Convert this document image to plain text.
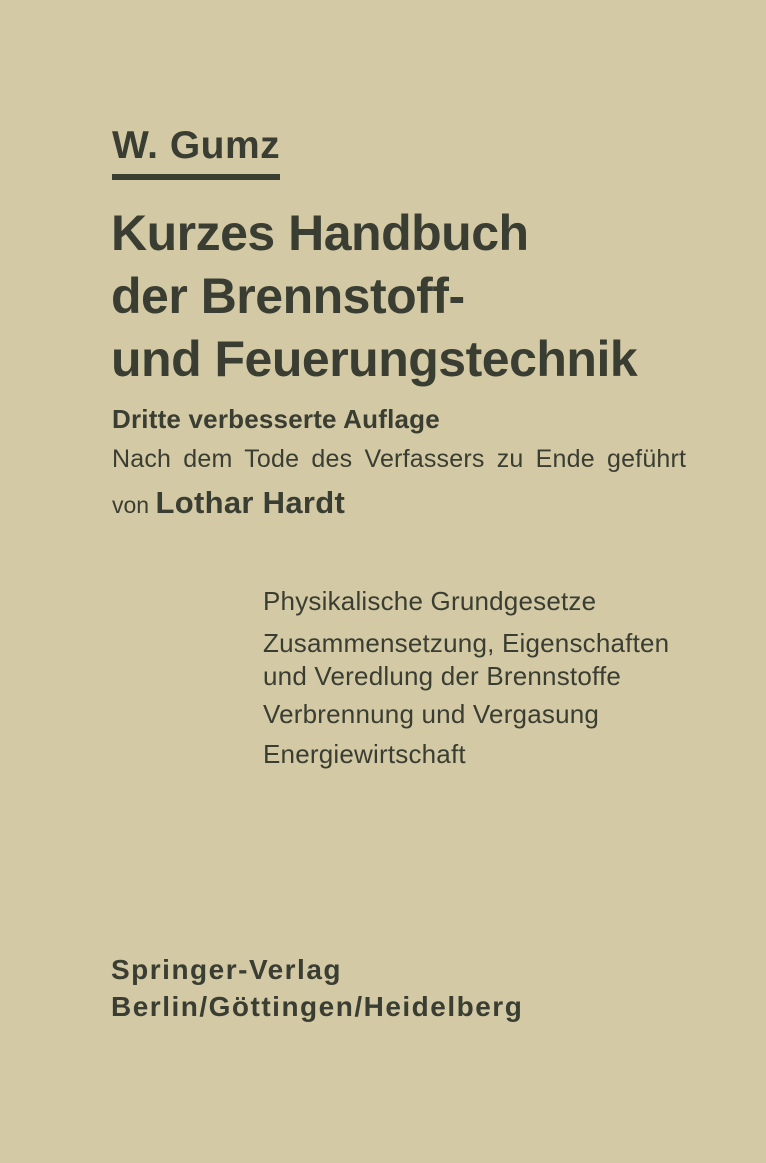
W. Gumz
Kurzes Handbuch
der Brennstoff-
und Feuerungstechnik
Dritte verbesserte Auflage
Nach dem Tode des Verfassers zu Ende geführt
von Lothar Hardt
Physikalische Grundgesetze
Zusammensetzung, Eigenschaften
und Veredlung der Brennstoffe
Verbrennung und Vergasung
Energiewirtschaft
Springer-Verlag
Berlin/Göttingen/Heidelberg
